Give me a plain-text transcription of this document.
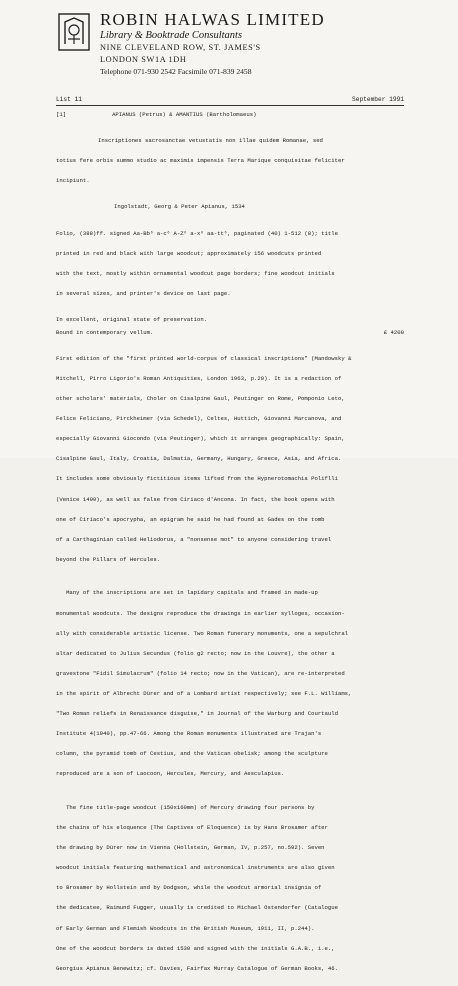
ROBIN HALWAS LIMITED
Library & Booktrade Consultants
NINE CLEVELAND ROW, ST. JAMES'S
LONDON SW1A 1DH
Telephone 071-930 2542 Facsimile 071-839 2458
List 11	September 1991
[1]	APIANUS (Petrus) & AMANTIUS (Bartholomaeus)

Inscriptiones sacrosanctae vetustatis non illae quidem Romanae, sed

totius fere orbis summo studio ac maximis impensis Terra Marique conquisitae feliciter

incipiunt.

Ingolstadt, Georg & Peter Apianus, 1534

Folio, (388)ff. signed Aa-Bb⁶ a-c⁶ A-Z⁶ a-x⁶ aa-tt⁶, paginated (40) 1-512 (8); title

printed in red and black with large woodcut; approximately 156 woodcuts printed

with the text, mostly within ornamental woodcut page borders; fine woodcut initials

in several sizes, and printer's device on last page.

In excellent, original state of preservation.
Bound in contemporary vellum.	£ 4200

First edition of the "first printed world-corpus of classical inscriptions" (Mandowsky &

Mitchell, Pirro Ligorio's Roman Antiquities, London 1963, p.20). It is a redaction of

other scholars' materials, Choler on Cisalpine Gaul, Peutinger on Rome, Pomponio Leto,

Felice Feliciano, Pirckheimer (via Schedel), Celtes, Huttich, Giovanni Marcanova, and

especially Giovanni Giocondo (via Peutinger), which it arranges geographically: Spain,

Cisalpine Gaul, Italy, Croatia, Dalmatia, Germany, Hungary, Greece, Asia, and Africa.

It includes some obviously fictitious items lifted from the Hypnerotomachia Poliflli

(Venice 1499), as well as false from Ciriaco d'Ancona. In fact, the book opens with

one of Ciriaco's apocrypha, an epigram he said he had found at Gades on the tomb

of a Carthaginian called Heliodorus, a "nonsense mot" to anyone considering travel

beyond the Pillars of Hercules.

Many of the inscriptions are set in lapidary capitals and framed in made-up

monumental woodcuts. The designs reproduce the drawings in earlier sylloges, occasion-

ally with considerable artistic license. Two Roman funerary monuments, one a sepulchral

altar dedicated to Julius Secundus (folio g2 recto; now in the Louvre), the other a

gravestone "Fidil Simulacrum" (folio 14 recto; now in the Vatican), are re-interpreted

in the spirit of Albrecht Dürer and of a Lombard artist respectively; see F.L. Williams,

"Two Roman reliefs in Renaissance disguise," in Journal of the Warburg and Courtauld

Institute 4(1940), pp.47-66. Among the Roman monuments illustrated are Trajan's

column, the pyramid tomb of Cestius, and the Vatican obelisk; among the sculpture

reproduced are a son of Laocoon, Hercules, Mercury, and Aesculapius.

The fine title-page woodcut (150x160mm) of Mercury drawing four persons by

the chains of his eloquence (The Captives of Eloquence) is by Hans Brosamer after

the drawing by Dürer now in Vienna (Hollstein, German, IV, p.257, no.592). Seven

woodcut initials featuring mathematical and astronomical instruments are also given

to Brosamer by Hollstein and by Dodgson, while the woodcut armorial insignia of

the dedicatee, Raimund Fugger, usually is credited to Michael Ostendorfer (Catalogue

of Early German and Flemish Woodcuts in the British Museum, 1911, II, p.244).

One of the woodcut borders is dated 1530 and signed with the initials G.A.B., i.e.,

Georgius Apianus Benewitz; cf. Davies, Fairfax Murray Catalogue of German Books, 46.
